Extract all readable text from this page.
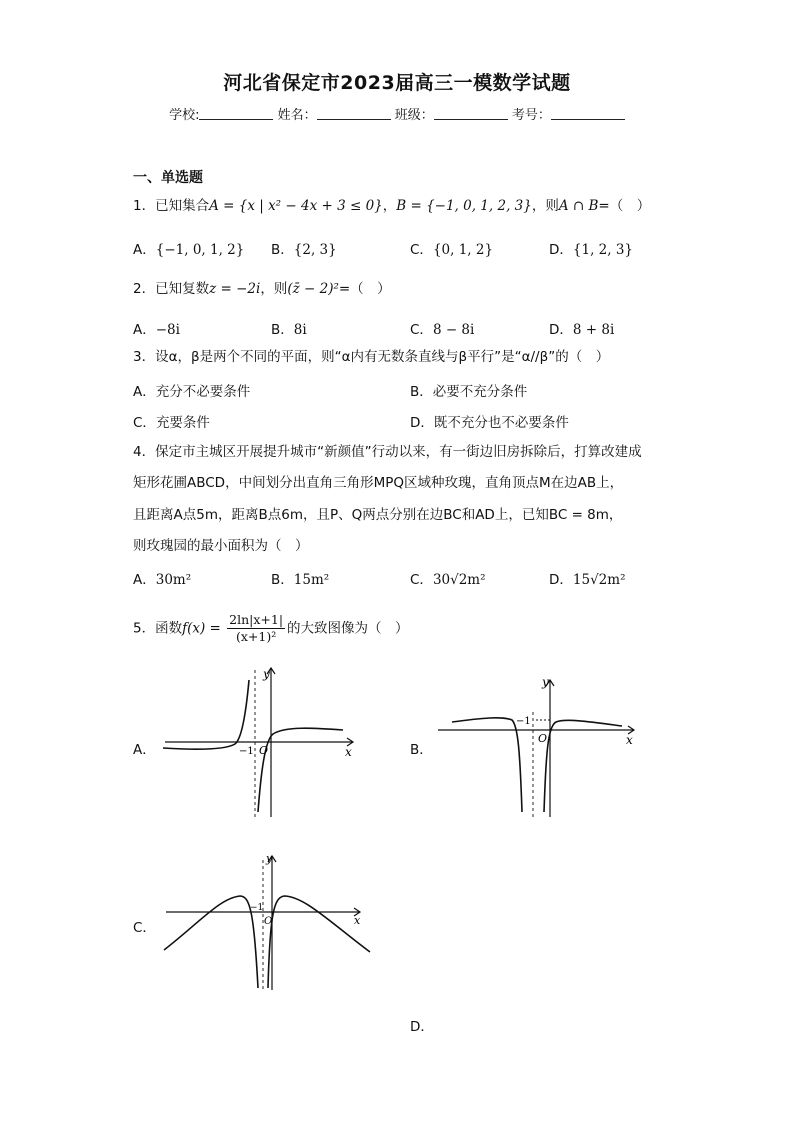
河北省保定市2023届高三一模数学试题
学校:	姓名：	班级：	考号：
一、单选题
1．已知集合A = {x | x² − 4x + 3 ≤ 0}，B = {−1, 0, 1, 2, 3}，则A ∩ B=（　）
A．{−1, 0, 1, 2} B．{2, 3}	C．{0, 1, 2}	D．{1, 2, 3}
2．已知复数z = −2i，则(z̄ − 2)²=（　）
A．−8i	B．8i	C．8 − 8i	D．8 + 8i
3．设α，β是两个不同的平面，则“α内有无数条直线与β平行”是“α//β”的（　）
A．充分不必要条件	B．必要不充分条件
C．充要条件	D．既不充分也不必要条件
4．保定市主城区开展提升城市“新颜值”行动以来，有一街边旧房拆除后，打算改建成
矩形花圃ABCD，中间划分出直角三角形MPQ区域种玫瑰，直角顶点M在边AB上，
且距离A点5m，距离B点6m，且P、Q两点分别在边BC和AD上，已知BC = 8m，
则玫瑰园的最小面积为（　）
A．30m²	B．15m²	C．30√2m²	D．15√2m²
5．函数$f(x) = \frac{2\ln|x+1|}{\text{(x+1)²}}$ 的大致图像为（　）
A．	B．
C．
D．
y
x
O
−1
y
x
O
−1
y
x
O
−1
